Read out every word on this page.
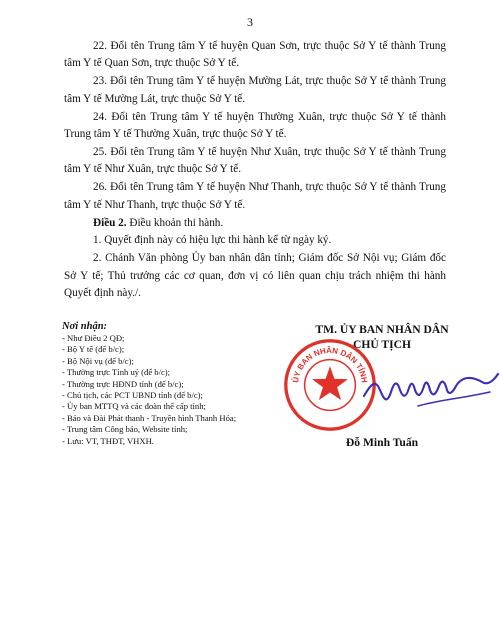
3

22. Đổi tên Trung tâm Y tế huyện Quan Sơn, trực thuộc Sở Y tế thành Trung tâm Y tế Quan Sơn, trực thuộc Sở Y tế.

23. Đổi tên Trung tâm Y tế huyện Mường Lát, trực thuộc Sở Y tế thành Trung tâm Y tế Mường Lát, trực thuộc Sở Y tế.

24. Đổi tên Trung tâm Y tế huyện Thường Xuân, trực thuộc Sở Y tế thành Trung tâm Y tế Thường Xuân, trực thuộc Sở Y tế.

25. Đổi tên Trung tâm Y tế huyện Như Xuân, trực thuộc Sở Y tế thành Trung tâm Y tế Như Xuân, trực thuộc Sở Y tế.

26. Đổi tên Trung tâm Y tế huyện Như Thanh, trực thuộc Sở Y tế thành Trung tâm Y tế Như Thanh, trực thuộc Sở Y tế.

Điều 2. Điều khoản thi hành.

1. Quyết định này có hiệu lực thi hành kể từ ngày ký.

2. Chánh Văn phòng Ủy ban nhân dân tỉnh; Giám đốc Sở Nội vụ; Giám đốc Sở Y tế; Thủ trưởng các cơ quan, đơn vị có liên quan chịu trách nhiệm thi hành Quyết định này./.

Nơi nhận:
- Như Điều 2 QĐ;
- Bộ Y tế (để b/c);
- Bộ Nội vụ (để b/c);
- Thường trực Tỉnh uỷ (để b/c);
- Thường trực HĐND tỉnh (để b/c);
- Chủ tịch, các PCT UBND tỉnh (để b/c);
- Ủy ban MTTQ và các đoàn thể cấp tỉnh;
- Báo và Đài Phát thanh - Truyền hình Thanh Hóa;
- Trung tâm Công báo, Website tỉnh;
- Lưu: VT, THĐT, VHXH.
TM. ỦY BAN NHÂN DÂN
CHỦ TỊCH
ỦY BAN NHÂN DÂN TỈNH
Đỗ Minh Tuấn
